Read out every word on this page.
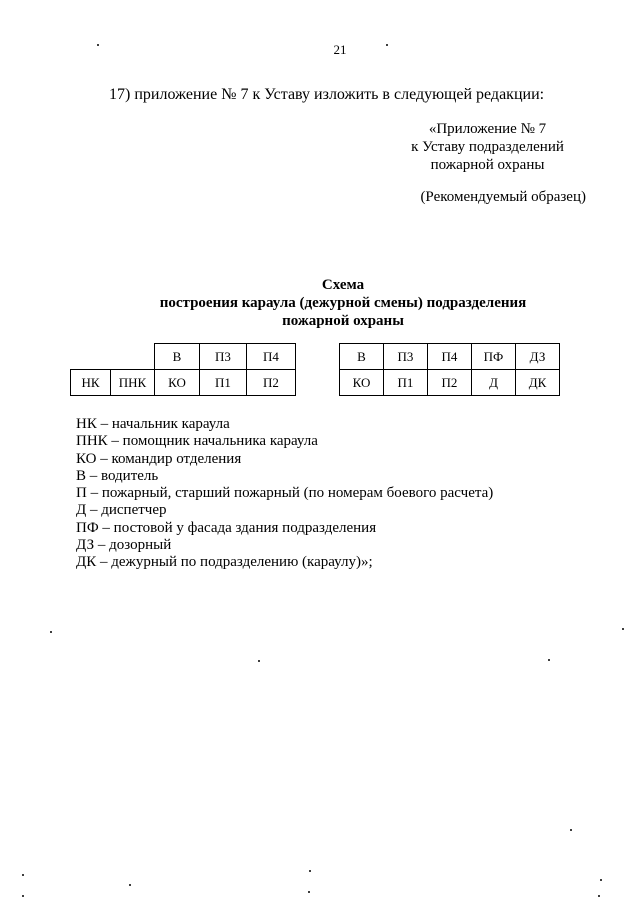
21
17) приложение № 7 к Уставу изложить в следующей редакции:
«Приложение № 7
к Уставу подразделений
пожарной охраны
(Рекомендуемый образец)
Схема
построения караула (дежурной смены) подразделения
пожарной охраны
		В	П3	П4
НК	ПНК	КО	П1	П2
В	П3	П4	ПФ	ДЗ
КО	П1	П2	Д	ДК
НК – начальник караула
ПНК – помощник начальника караула
КО – командир отделения
В – водитель
П – пожарный, старший пожарный (по номерам боевого расчета)
Д – диспетчер
ПФ – постовой у фасада здания подразделения
ДЗ – дозорный
ДК – дежурный по подразделению (караулу)»;
